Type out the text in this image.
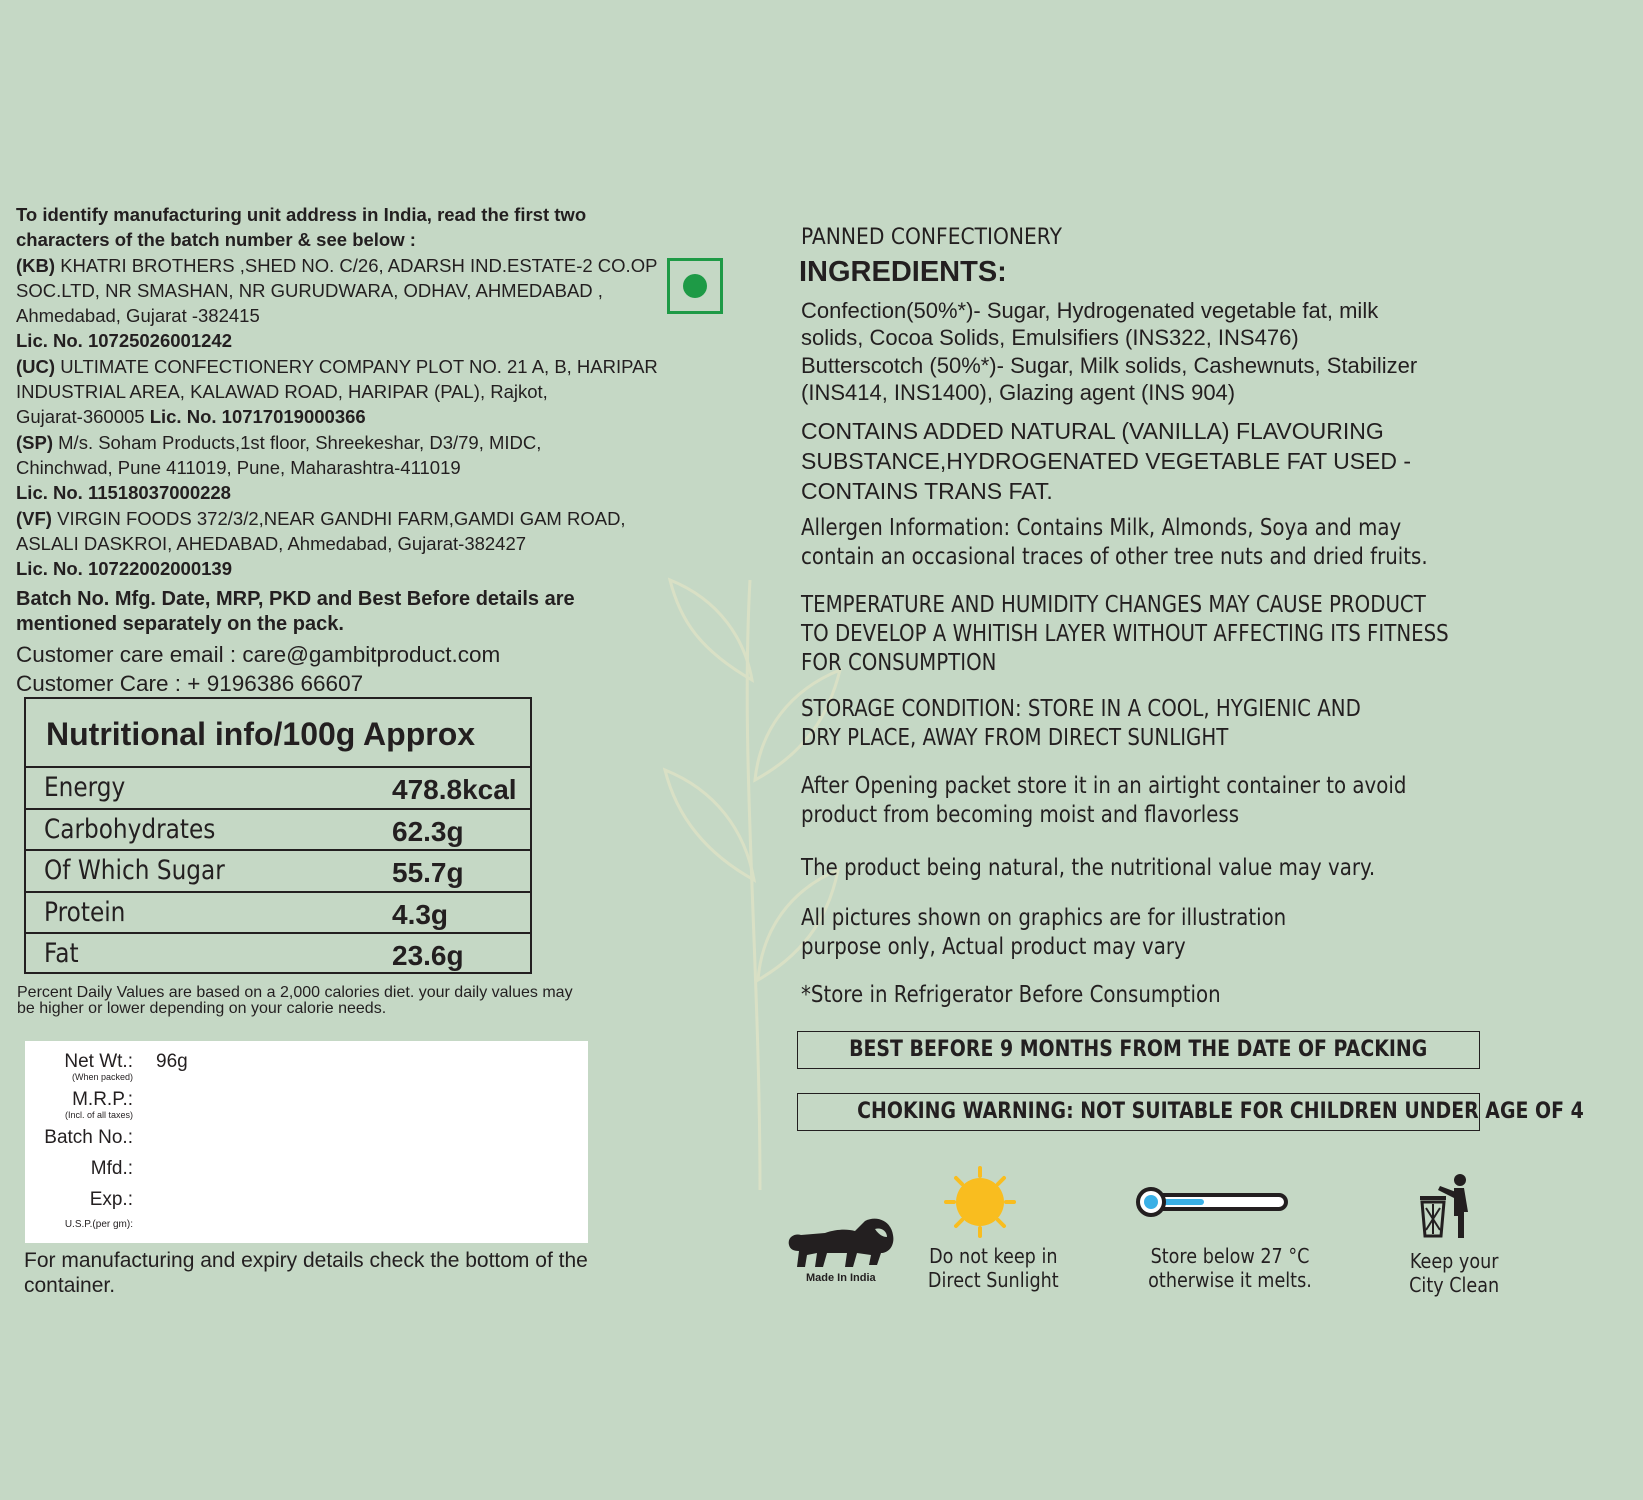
To identify manufacturing unit address in India, read the first two

characters of the batch number & see below :

(KB) KHATRI BROTHERS ,SHED NO. C/26, ADARSH IND.ESTATE-2 CO.OP

SOC.LTD, NR SMASHAN, NR GURUDWARA, ODHAV, AHMEDABAD ,

Ahmedabad, Gujarat -382415

Lic. No. 10725026001242

(UC) ULTIMATE CONFECTIONERY COMPANY PLOT NO. 21 A, B, HARIPAR

INDUSTRIAL AREA, KALAWAD ROAD, HARIPAR (PAL), Rajkot,

Gujarat-360005 Lic. No. 10717019000366

(SP) M/s. Soham Products,1st floor, Shreekeshar, D3/79, MIDC,

Chinchwad, Pune 411019, Pune, Maharashtra-411019

Lic. No. 11518037000228

(VF) VIRGIN FOODS 372/3/2,NEAR GANDHI FARM,GAMDI GAM ROAD,

ASLALI DASKROI, AHEDABAD, Ahmedabad, Gujarat-382427

Lic. No. 10722002000139

Batch No. Mfg. Date, MRP, PKD and Best Before details are

mentioned separately on the pack.

Customer care email : care@gambitproduct.com

Customer Care : + 9196386 66607

Nutritional info/100g Approx
Energy	478.8kcal
Carbohydrates	62.3g
Of Which Sugar	55.7g
Protein	4.3g
Fat	23.6g
Percent Daily Values are based on a 2,000 calories diet. your daily values may
be higher or lower depending on your calorie needs.
Net Wt.:
(When packed)
96g
M.R.P.:
(Incl. of all taxes)
Batch No.:
Mfd.:
Exp.:
U.S.P.(per gm):
For manufacturing and expiry details check the bottom of the
container.
PANNED CONFECTIONERY
INGREDIENTS:

Confection(50%*)- Sugar, Hydrogenated vegetable fat, milk

solids, Cocoa Solids, Emulsifiers (INS322, INS476)

Butterscotch (50%*)- Sugar, Milk solids, Cashewnuts, Stabilizer

(INS414, INS1400), Glazing agent (INS 904)

CONTAINS ADDED NATURAL (VANILLA) FLAVOURING

SUBSTANCE,HYDROGENATED VEGETABLE FAT USED -

CONTAINS TRANS FAT.

Allergen Information: Contains Milk, Almonds, Soya and may

contain an occasional traces of other tree nuts and dried fruits.

TEMPERATURE AND HUMIDITY CHANGES MAY CAUSE PRODUCT

TO DEVELOP A WHITISH LAYER WITHOUT AFFECTING ITS FITNESS

FOR CONSUMPTION

STORAGE CONDITION: STORE IN A COOL, HYGIENIC AND

DRY PLACE, AWAY FROM DIRECT SUNLIGHT

After Opening packet store it in an airtight container to avoid

product from becoming moist and flavorless

The product being natural, the nutritional value may vary.

All pictures shown on graphics are for illustration

purpose only, Actual product may vary

*Store in Refrigerator Before Consumption
BEST BEFORE 9 MONTHS FROM THE DATE OF PACKING
CHOKING WARNING: NOT SUITABLE FOR CHILDREN UNDER AGE OF 4
Made In India
Do not keep in
Direct Sunlight
Store below 27 °C
otherwise it melts.
Keep your
City Clean
